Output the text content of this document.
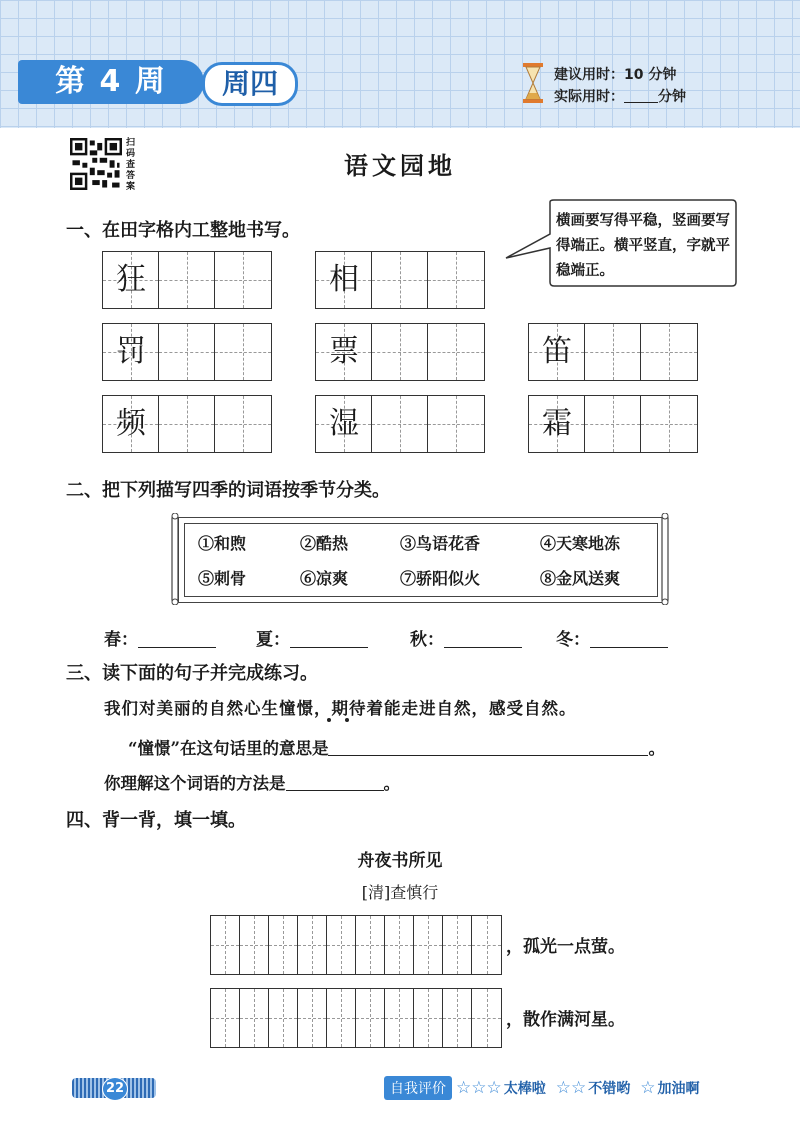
第 4 周	周四	建议用时：10 分钟
实际用时： 分钟
扫码查答案
语文园地
一、在田字格内工整地书写。	横画要写得平稳，竖画要写得端正。横平竖直，字就平稳端正。
狂	相
罚	票	笛
频	湿	霜
二、把下列描写四季的词语按季节分类。
①和煦	②酷热	③鸟语花香	④天寒地冻
⑤刺骨	⑥凉爽	⑦骄阳似火	⑧金风送爽
春：	夏：	秋：	冬：
三、读下面的句子并完成练习。
我们对美丽的自然心生憧憬，期待着能走进自然，感受自然。
“憧憬”在这句话里的意思是	。
你理解这个词语的方法是	。
四、背一背，填一填。
舟夜书所见
[清]查慎行
，孤光一点萤。
，散作满河星。
22	自我评价 ☆ ☆ ☆ 太棒啦 ☆ ☆ 不错哟 ☆ 加油啊
